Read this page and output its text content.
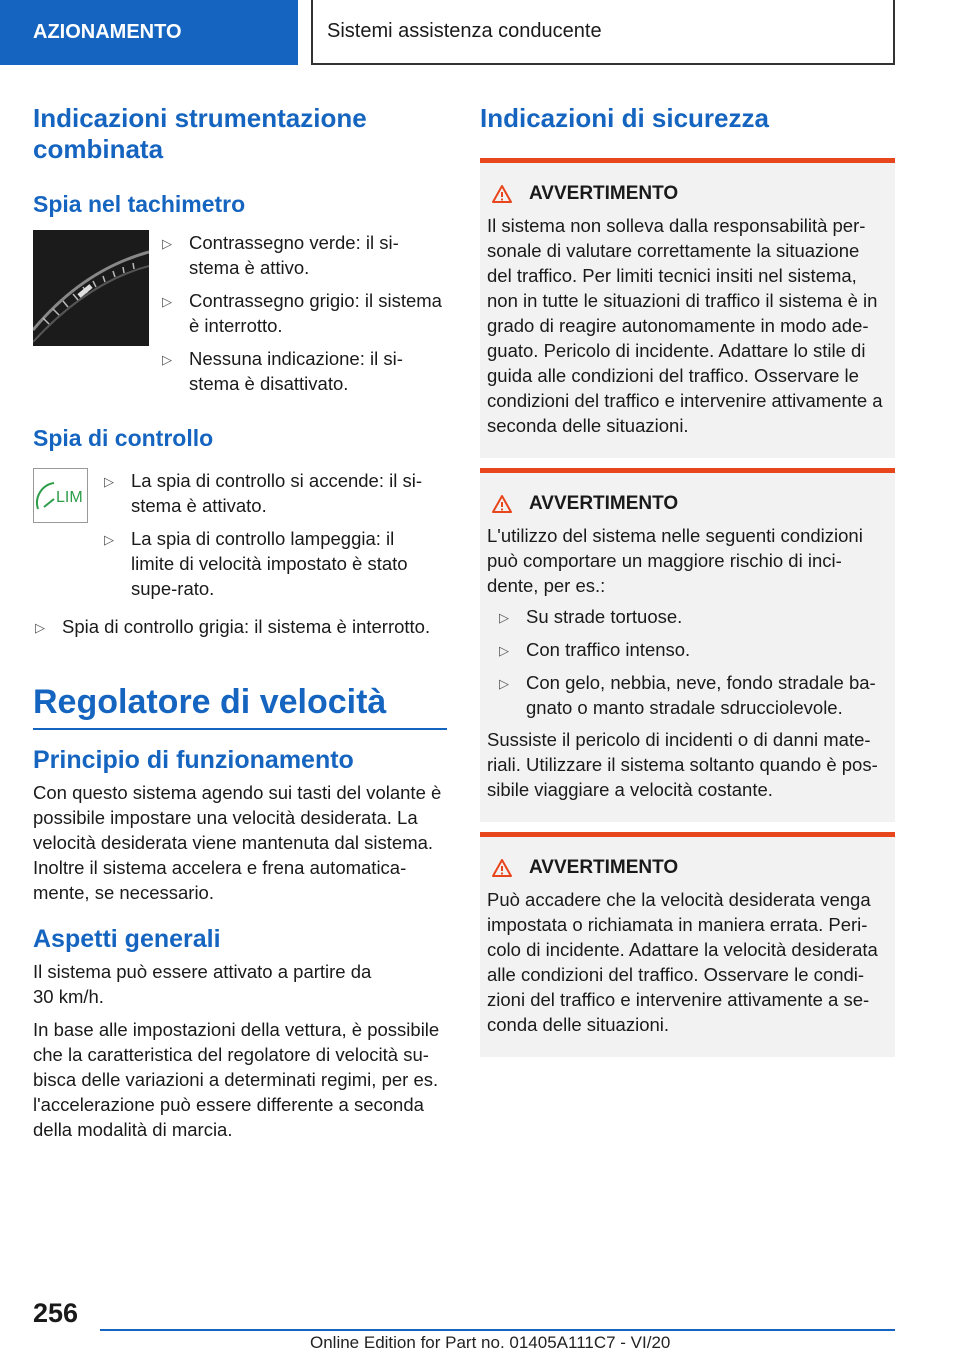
AZIONAMENTO	Sistemi assistenza conducente
Indicazioni strumentazione combinata
Spia nel tachimetro
▷ Contrassegno verde: il si-stema è attivo.
▷ Contrassegno grigio: il sistema è interrotto.
▷ Nessuna indicazione: il si-stema è disattivato.
Spia di controllo
LIM
▷ La spia di controllo si accende: il si-stema è attivato.
▷ La spia di controllo lampeggia: il limite di velocità impostato è stato supe-rato.
▷ Spia di controllo grigia: il sistema è interrotto.
Regolatore di velocità
Principio di funzionamento

Con questo sistema agendo sui tasti del volante è possibile impostare una velocità desiderata. La velocità desiderata viene mantenuta dal sistema. Inoltre il sistema accelera e frena automatica-mente, se necessario.

Aspetti generali

Il sistema può essere attivato a partire da 30 km/h.

In base alle impostazioni della vettura, è possibile che la caratteristica del regolatore di velocità su-bisca delle variazioni a determinati regimi, per es. l'accelerazione può essere differente a seconda della modalità di marcia.

Indicazioni di sicurezza
AVVERTIMENTO

Il sistema non solleva dalla responsabilità per-sonale di valutare correttamente la situazione del traffico. Per limiti tecnici insiti nel sistema, non in tutte le situazioni di traffico il sistema è in grado di reagire autonomamente in modo ade-guato. Pericolo di incidente. Adattare lo stile di guida alle condizioni del traffico. Osservare le condizioni del traffico e intervenire attivamente a seconda delle situazioni.

AVVERTIMENTO

L'utilizzo del sistema nelle seguenti condizioni può comportare un maggiore rischio di inci-dente, per es.:

▷ Su strade tortuose.
▷ Con traffico intenso.
▷ Con gelo, nebbia, neve, fondo stradale ba-gnato o manto stradale sdrucciolevole.

Sussiste il pericolo di incidenti o di danni mate-riali. Utilizzare il sistema soltanto quando è pos-sibile viaggiare a velocità costante.

AVVERTIMENTO

Può accadere che la velocità desiderata venga impostata o richiamata in maniera errata. Peri-colo di incidente. Adattare la velocità desiderata alle condizioni del traffico. Osservare le condi-zioni del traffico e intervenire attivamente a se-conda delle situazioni.

256
Online Edition for Part no. 01405A111C7 - VI/20
